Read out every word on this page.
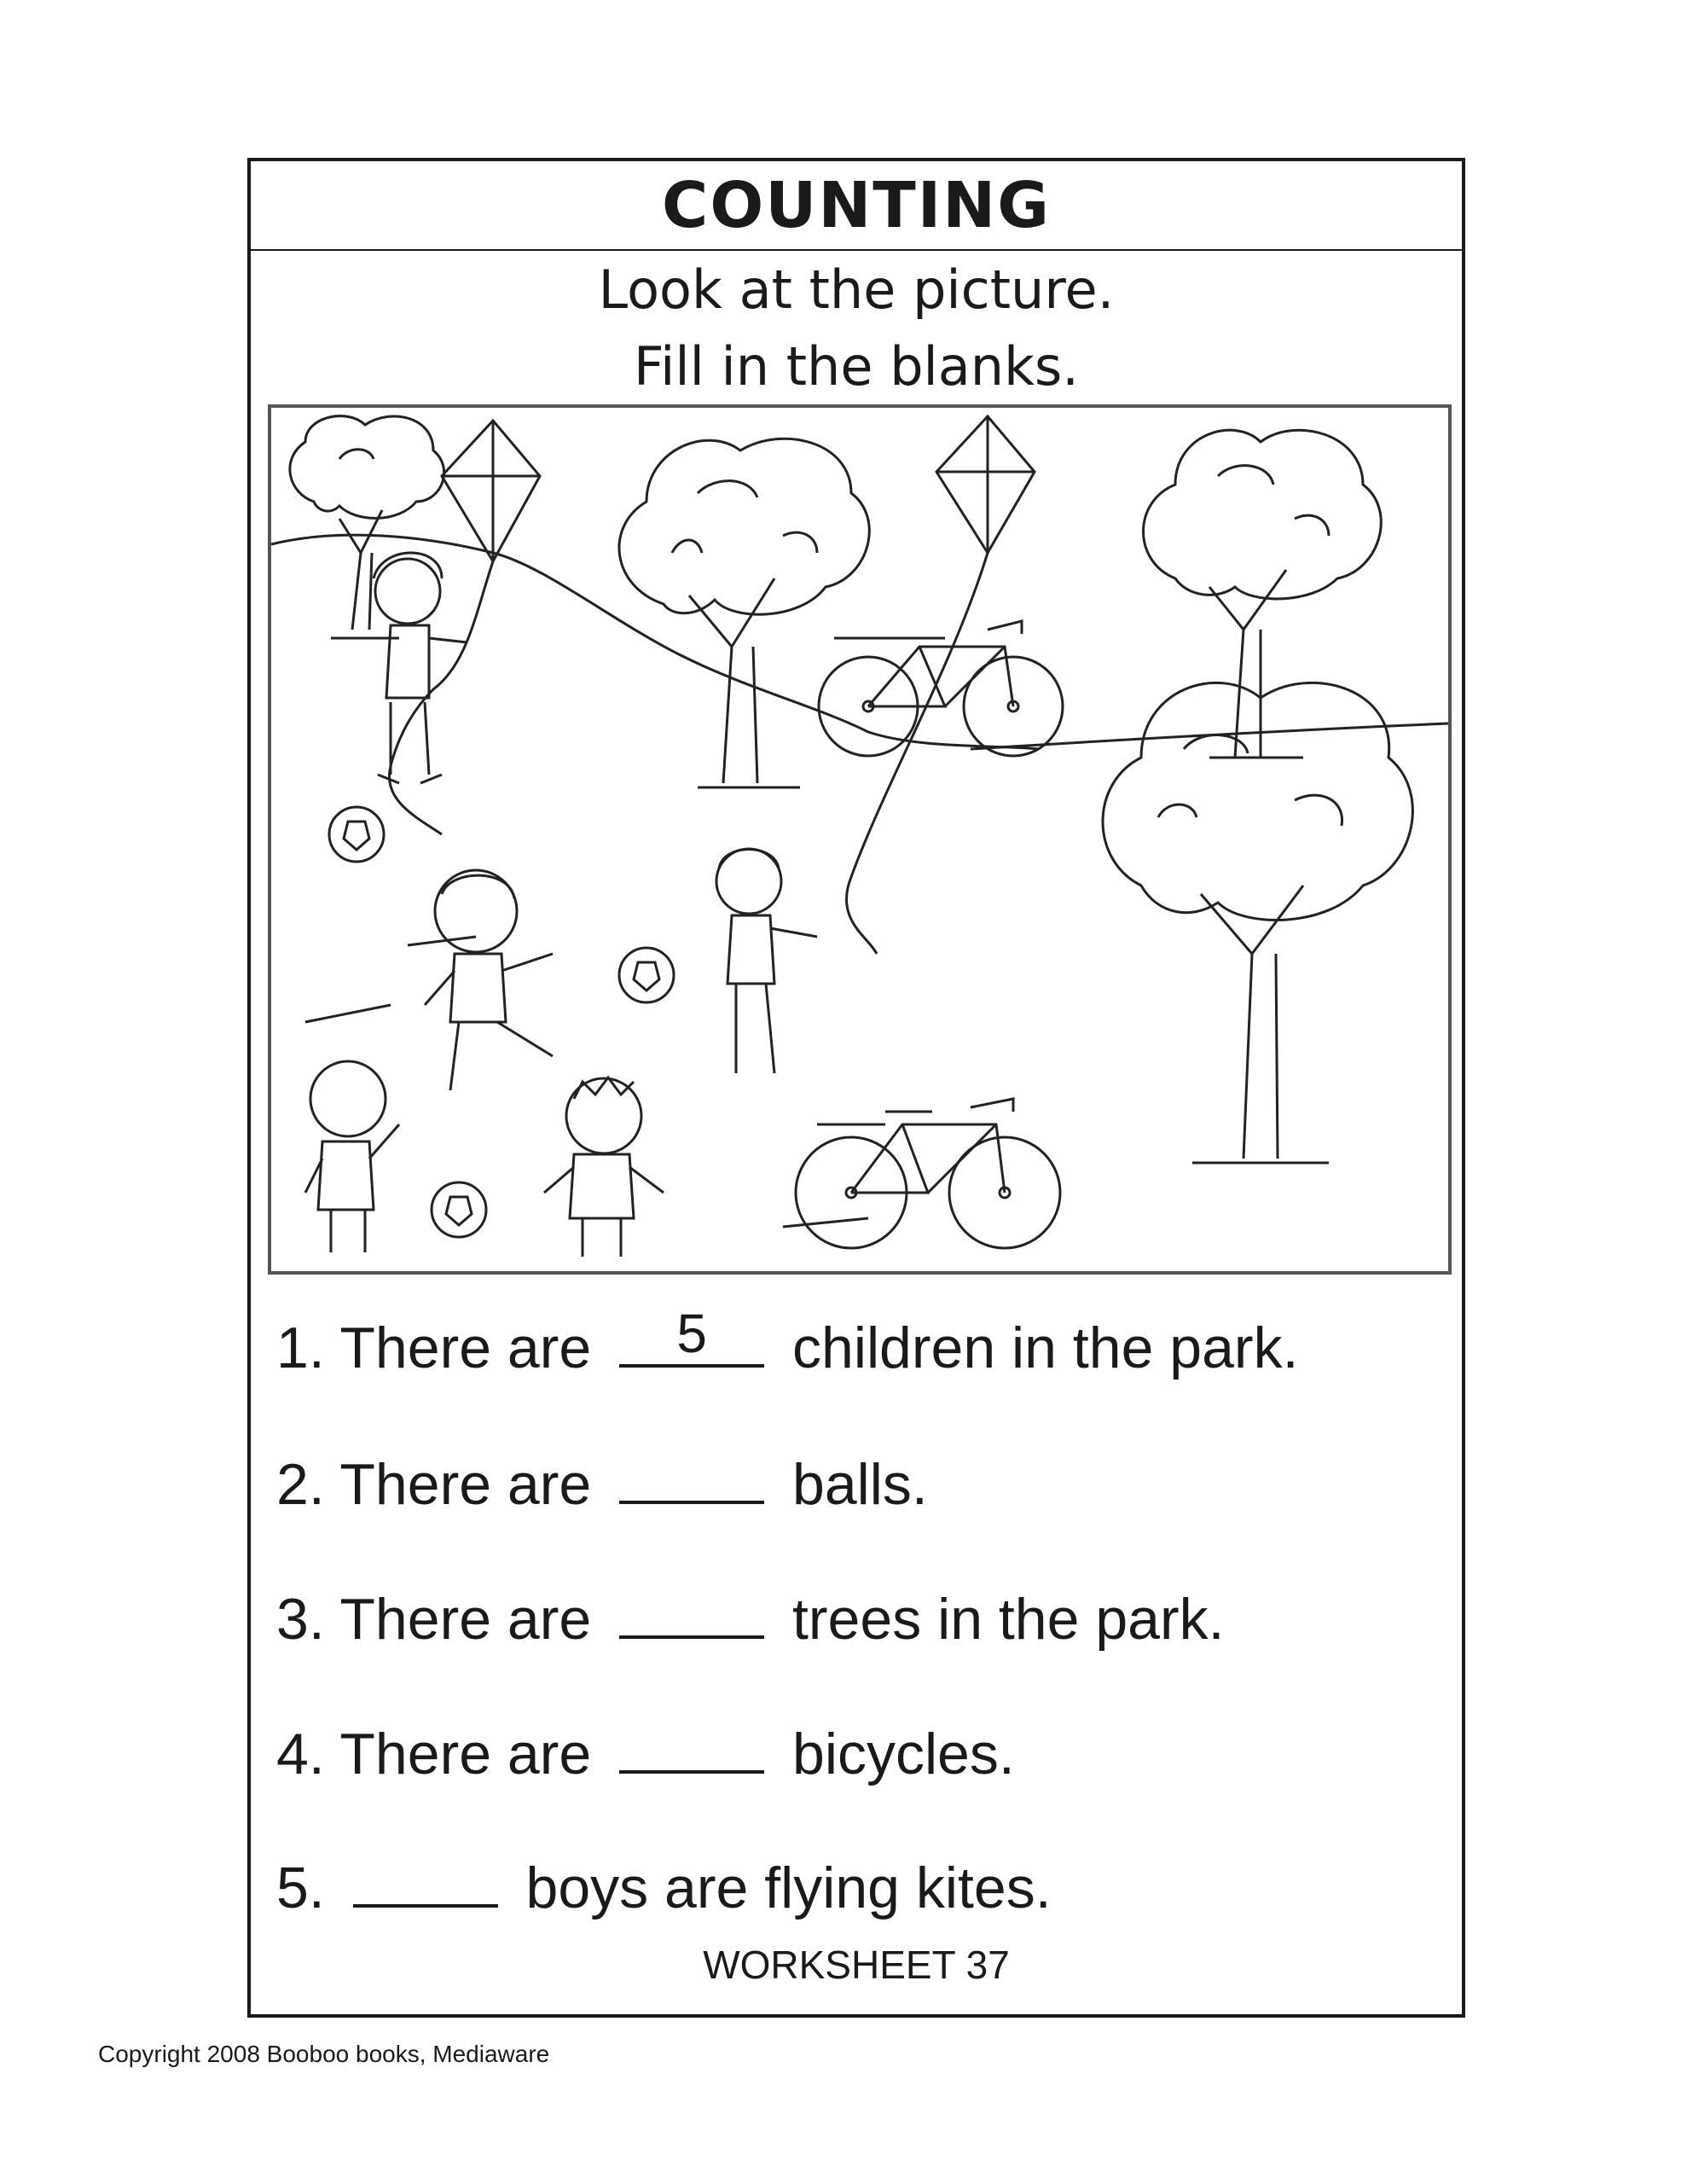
COUNTING
Look at the picture.
Fill in the blanks.
1. There are	5	children in the park.
2. There are	balls.
3. There are	trees in the park.
4. There are	bicycles.
5.	boys are flying kites.
WORKSHEET 37
Copyright 2008 Booboo books, Mediaware
